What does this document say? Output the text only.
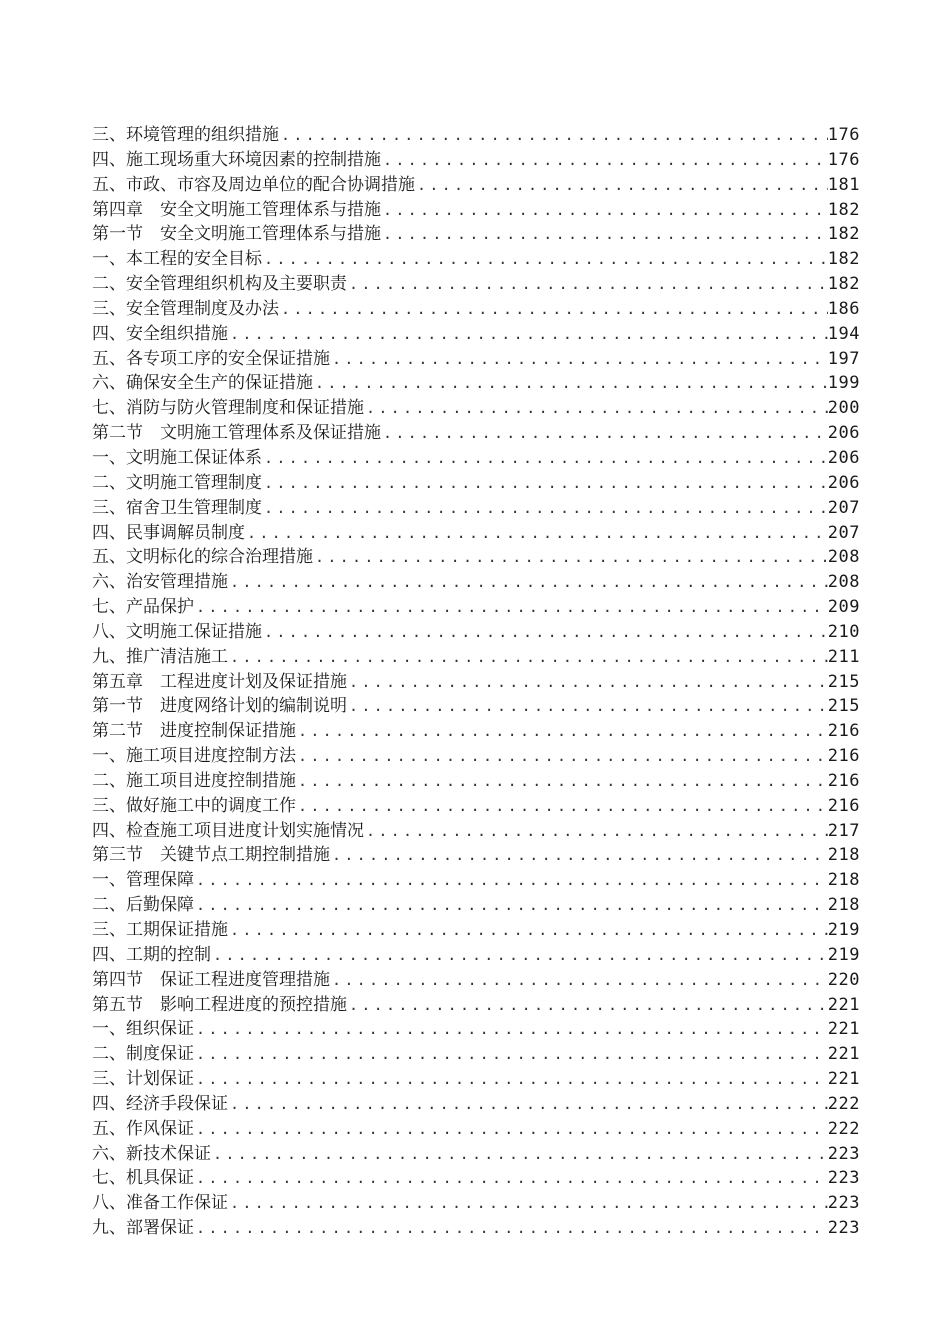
三、环境管理的组织措施 .....	176
四、施工现场重大环境因素的控制措施 .....	176
五、市政、市容及周边单位的配合协调措施 .....	181
第四章　安全文明施工管理体系与措施 .....	182
第一节　安全文明施工管理体系与措施 .....	182
一、本工程的安全目标 .....	182
二、安全管理组织机构及主要职责 .....	182
三、安全管理制度及办法 .....	186
四、安全组织措施 .....	194
五、各专项工序的安全保证措施 .....	197
六、确保安全生产的保证措施 .....	199
七、消防与防火管理制度和保证措施 .....	200
第二节　文明施工管理体系及保证措施 .....	206
一、文明施工保证体系 .....	206
二、文明施工管理制度 .....	206
三、宿舍卫生管理制度 .....	207
四、民事调解员制度 .....	207
五、文明标化的综合治理措施 .....	208
六、治安管理措施 .....	208
七、产品保护 .....	209
八、文明施工保证措施 .....	210
九、推广清洁施工 .....	211
第五章　工程进度计划及保证措施 .....	215
第一节　进度网络计划的编制说明 .....	215
第二节　进度控制保证措施 .....	216
一、施工项目进度控制方法 .....	216
二、施工项目进度控制措施 .....	216
三、做好施工中的调度工作 .....	216
四、检查施工项目进度计划实施情况 .....	217
第三节　关键节点工期控制措施 .....	218
一、管理保障 .....	218
二、后勤保障 .....	218
三、工期保证措施 .....	219
四、工期的控制 .....	219
第四节　保证工程进度管理措施 .....	220
第五节　影响工程进度的预控措施 .....	221
一、组织保证 .....	221
二、制度保证 .....	221
三、计划保证 .....	221
四、经济手段保证 .....	222
五、作风保证 .....	222
六、新技术保证 .....	223
七、机具保证 .....	223
八、准备工作保证 .....	223
九、部署保证 .....	223
